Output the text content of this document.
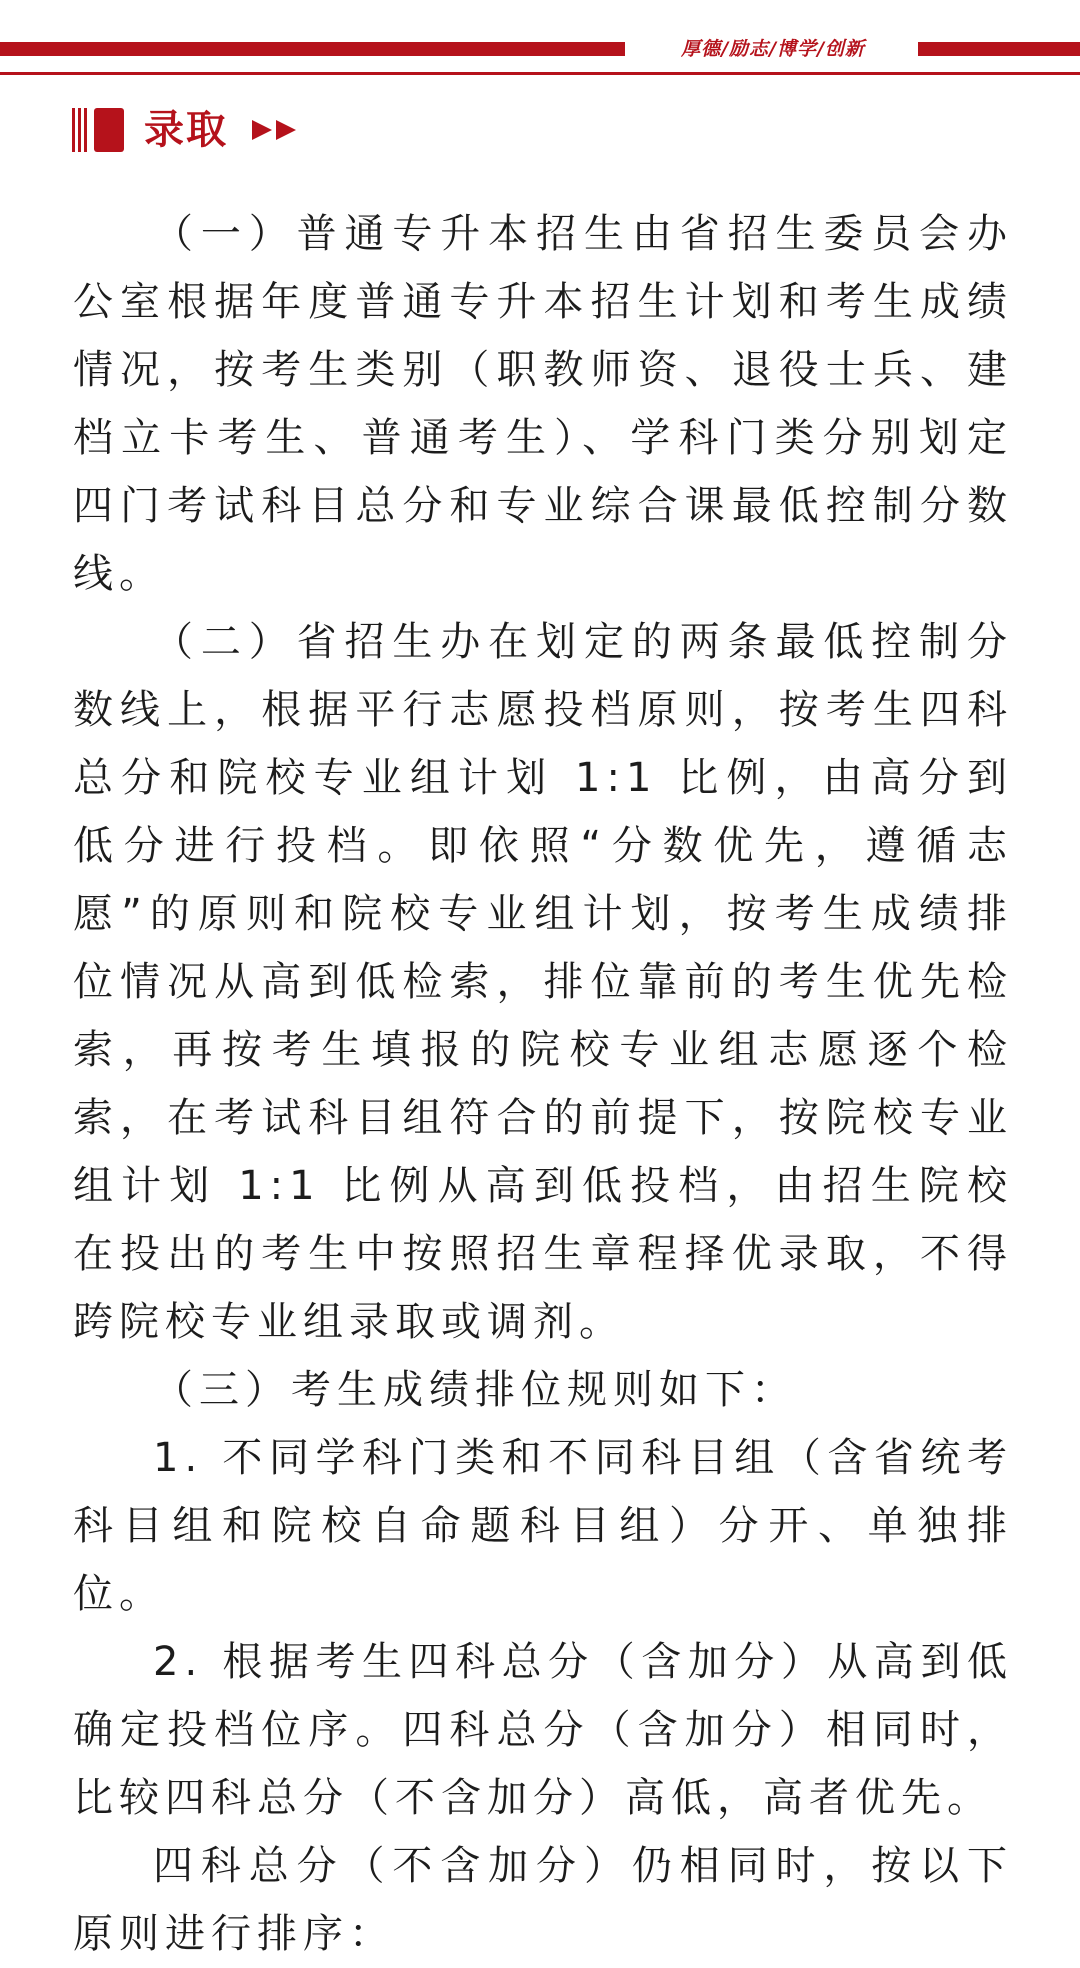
厚德/励志/博学/创新
录取

（一）普通专升本招生由省招生委员会办公室根据年度普通专升本招生计划和考生成绩情况，按考生类别（职教师资、退役士兵、建档立卡考生、普通考生）、学科门类分别划定四门考试科目总分和专业综合课最低控制分数线。

（二）省招生办在划定的两条最低控制分数线上，根据平行志愿投档原则，按考生四科总分和院校专业组计划 1:1 比例，由高分到低分进行投档。即依照“分数优先，遵循志愿”的原则和院校专业组计划，按考生成绩排位情况从高到低检索，排位靠前的考生优先检索，再按考生填报的院校专业组志愿逐个检索，在考试科目组符合的前提下，按院校专业组计划 1:1 比例从高到低投档，由招生院校在投出的考生中按照招生章程择优录取，不得跨院校专业组录取或调剂。

（三）考生成绩排位规则如下：

1. 不同学科门类和不同科目组（含省统考科目组和院校自命题科目组）分开、单独排位。

2. 根据考生四科总分（含加分）从高到低确定投档位序。四科总分（含加分）相同时，比较四科总分（不含加分）高低，高者优先。

四科总分（不含加分）仍相同时，按以下原则进行排序：
